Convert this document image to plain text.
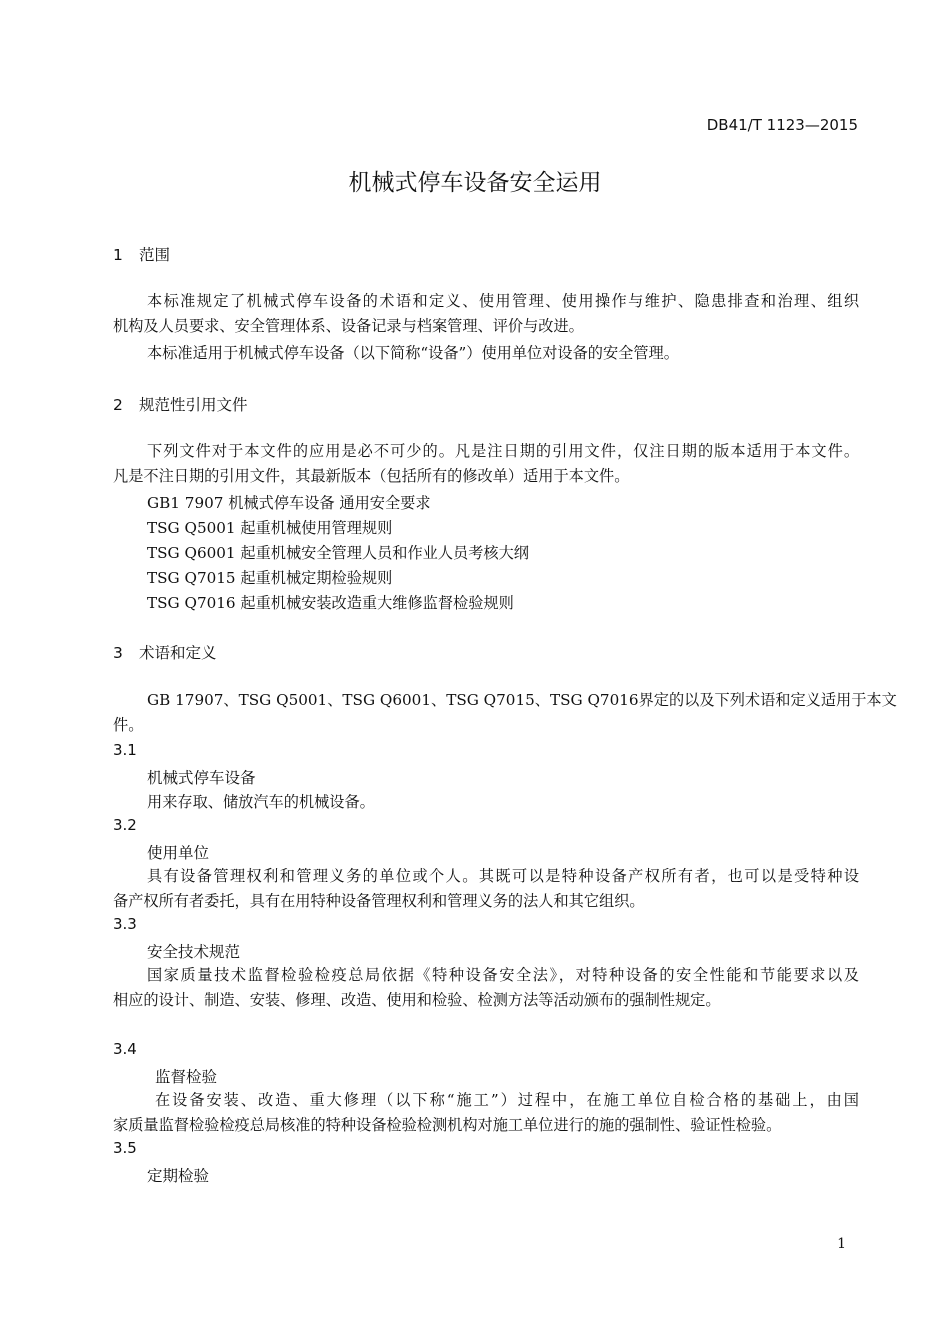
DB41/T 1123—2015
机械式停车设备安全运用
1 范围
本标准规定了机械式停车设备的术语和定义、使用管理、使用操作与维护、隐患排查和治理、组织
机构及人员要求、安全管理体系、设备记录与档案管理、评价与改进。
本标准适用于机械式停车设备（以下简称“设备”）使用单位对设备的安全管理。
2 规范性引用文件
下列文件对于本文件的应用是必不可少的。凡是注日期的引用文件，仅注日期的版本适用于本文件。
凡是不注日期的引用文件，其最新版本（包括所有的修改单）适用于本文件。
GB1 7907 机械式停车设备 通用安全要求
TSG Q5001 起重机械使用管理规则
TSG Q6001 起重机械安全管理人员和作业人员考核大纲
TSG Q7015 起重机械定期检验规则
TSG Q7016 起重机械安装改造重大维修监督检验规则
3 术语和定义
GB 17907、TSG Q5001、TSG Q6001、TSG Q7015、TSG Q7016界定的以及下列术语和定义适用于本文
件。
3.1
机械式停车设备
用来存取、储放汽车的机械设备。
3.2
使用单位
具有设备管理权利和管理义务的单位或个人。其既可以是特种设备产权所有者，也可以是受特种设
备产权所有者委托，具有在用特种设备管理权利和管理义务的法人和其它组织。
3.3
安全技术规范
国家质量技术监督检验检疫总局依据《特种设备安全法》，对特种设备的安全性能和节能要求以及
相应的设计、制造、安装、修理、改造、使用和检验、检测方法等活动颁布的强制性规定。
3.4
监督检验
在设备安装、改造、重大修理（以下称“施工”）过程中，在施工单位自检合格的基础上，由国
家质量监督检验检疫总局核准的特种设备检验检测机构对施工单位进行的施的强制性、验证性检验。
3.5
定期检验
1
